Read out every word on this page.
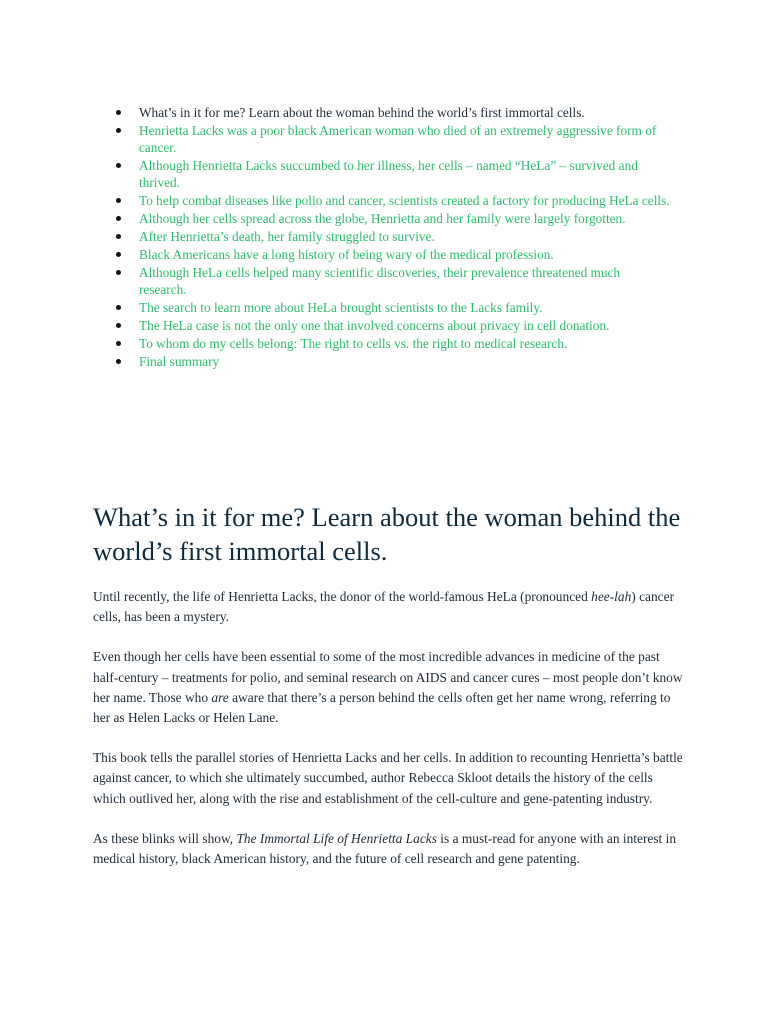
What’s in it for me? Learn about the woman behind the world’s first immortal cells.
Henrietta Lacks was a poor black American woman who died of an extremely aggressive form of cancer.
Although Henrietta Lacks succumbed to her illness, her cells – named “HeLa” – survived and thrived.
To help combat diseases like polio and cancer, scientists created a factory for producing HeLa cells.
Although her cells spread across the globe, Henrietta and her family were largely forgotten.
After Henrietta’s death, her family struggled to survive.
Black Americans have a long history of being wary of the medical profession.
Although HeLa cells helped many scientific discoveries, their prevalence threatened much research.
The search to learn more about HeLa brought scientists to the Lacks family.
The HeLa case is not the only one that involved concerns about privacy in cell donation.
To whom do my cells belong: The right to cells vs. the right to medical research.
Final summary
What’s in it for me? Learn about the woman behind the world’s first immortal cells.

Until recently, the life of Henrietta Lacks, the donor of the world-famous HeLa (pronounced hee-lah) cancer cells, has been a mystery.

Even though her cells have been essential to some of the most incredible advances in medicine of the past half-century – treatments for polio, and seminal research on AIDS and cancer cures – most people don’t know her name. Those who are aware that there’s a person behind the cells often get her name wrong, referring to her as Helen Lacks or Helen Lane.

This book tells the parallel stories of Henrietta Lacks and her cells. In addition to recounting Henrietta’s battle against cancer, to which she ultimately succumbed, author Rebecca Skloot details the history of the cells which outlived her, along with the rise and establishment of the cell-culture and gene-patenting industry.

As these blinks will show, The Immortal Life of Henrietta Lacks is a must-read for anyone with an interest in medical history, black American history, and the future of cell research and gene patenting.
